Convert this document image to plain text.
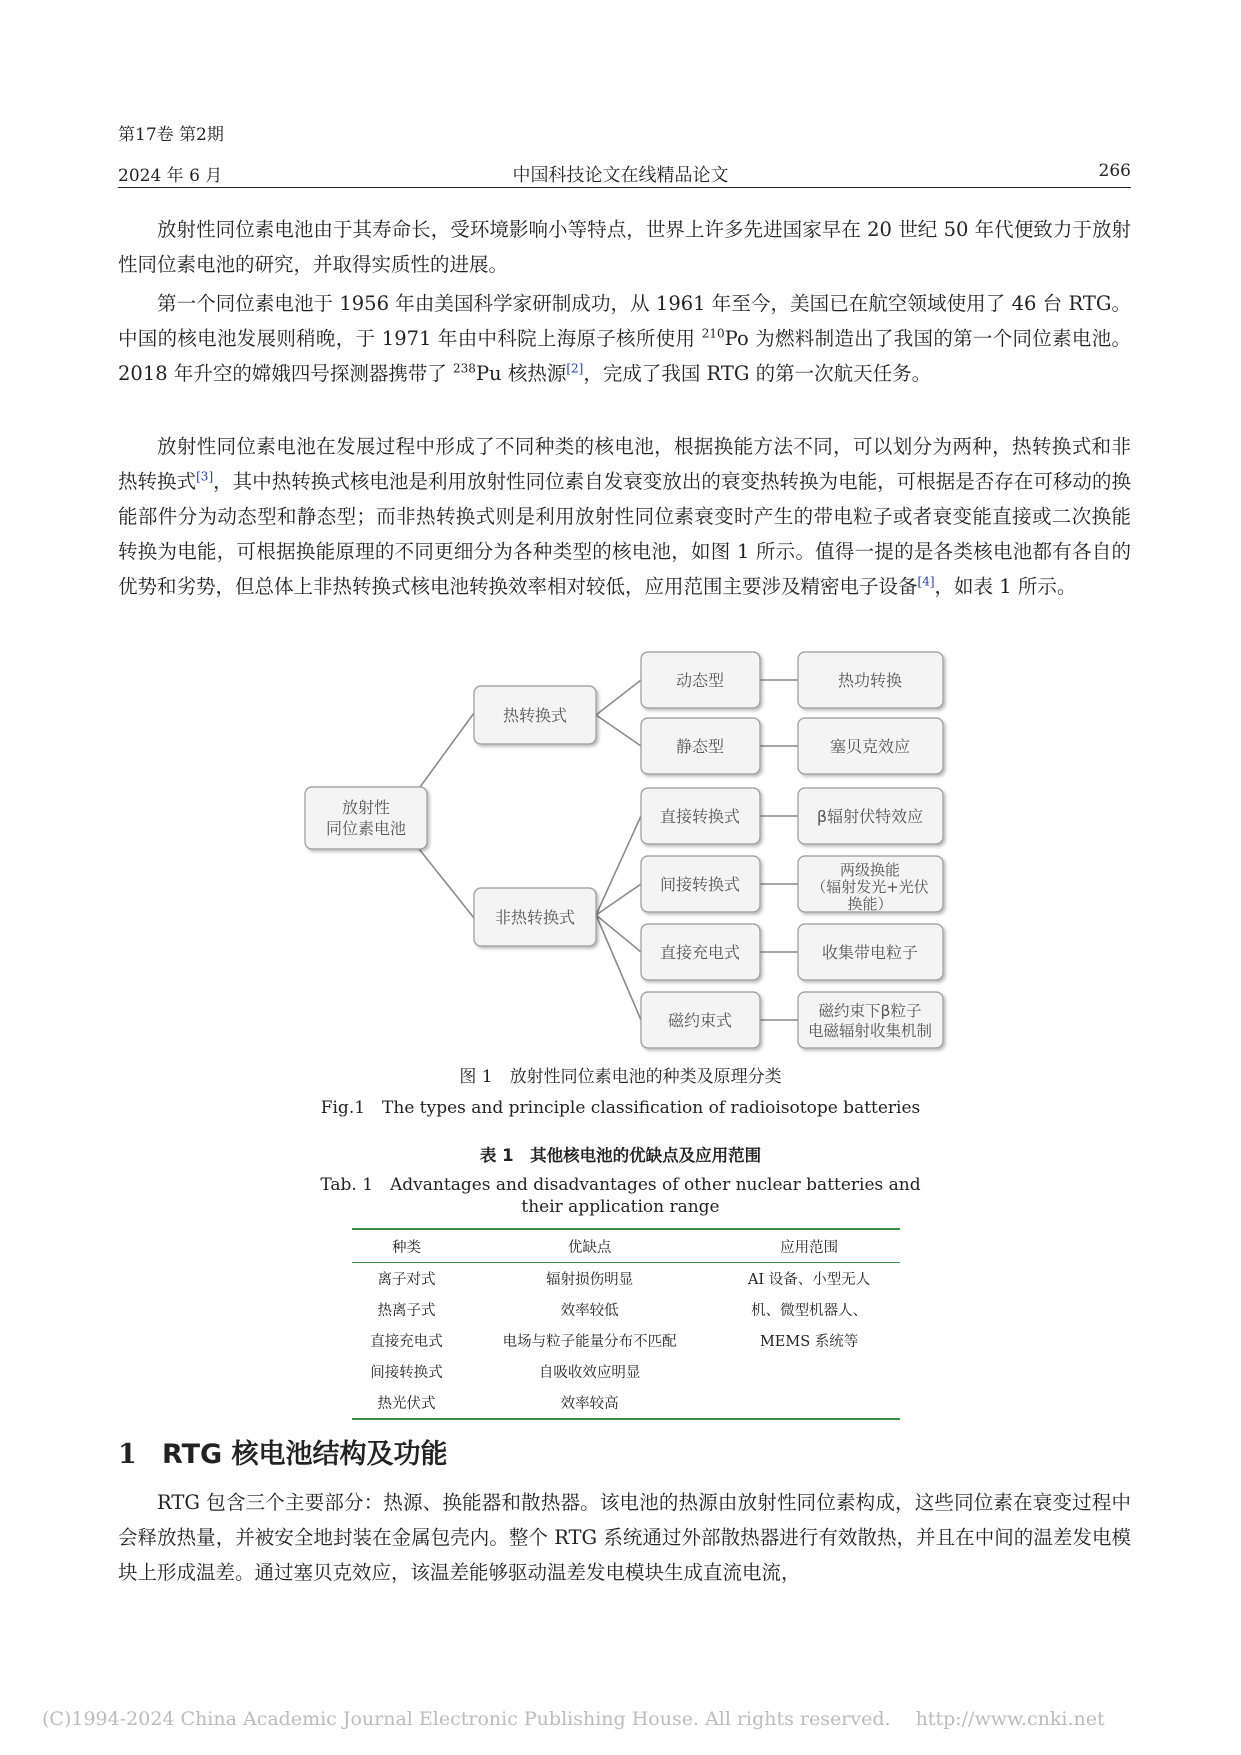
第17卷 第2期
2024 年 6 月	中国科技论文在线精品论文	266

放射性同位素电池由于其寿命长，受环境影响小等特点，世界上许多先进国家早在 20 世纪 50 年代便致力于放射性同位素电池的研究，并取得实质性的进展。

第一个同位素电池于 1956 年由美国科学家研制成功，从 1961 年至今，美国已在航空领域使用了 46 台 RTG。中国的核电池发展则稍晚，于 1971 年由中科院上海原子核所使用 $^{210}$Po 为燃料制造出了我国的第一个同位素电池。2018 年升空的嫦娥四号探测器携带了 $^{238}$Pu 核热源[2]，完成了我国 RTG 的第一次航天任务。

放射性同位素电池在发展过程中形成了不同种类的核电池，根据换能方法不同，可以划分为两种，热转换式和非热转换式[3]，其中热转换式核电池是利用放射性同位素自发衰变放出的衰变热转换为电能，可根据是否存在可移动的换能部件分为动态型和静态型；而非热转换式则是利用放射性同位素衰变时产生的带电粒子或者衰变能直接或二次换能转换为电能，可根据换能原理的不同更细分为各种类型的核电池，如图 1 所示。值得一提的是各类核电池都有各自的优势和劣势，但总体上非热转换式核电池转换效率相对较低，应用范围主要涉及精密电子设备[4]，如表 1 所示。

放射性
同位素电池
热转换式
非热转换式
动态型
静态型
直接转换式
间接转换式
直接充电式
磁约束式
热功转换
塞贝克效应
β辐射伏特效应
两级换能
（辐射发光+光伏
换能）
收集带电粒子
磁约束下β粒子
电磁辐射收集机制
图 1　放射性同位素电池的种类及原理分类
Fig.1　The types and principle classification of radioisotope batteries
表 1　其他核电池的优缺点及应用范围
Tab. 1　Advantages and disadvantages of other nuclear batteries and
their application range
种类	优缺点	应用范围
离子对式	辐射损伤明显	AI 设备、小型无人
热离子式	效率较低	机、微型机器人、
直接充电式	电场与粒子能量分布不匹配	MEMS 系统等
间接转换式	自吸收效应明显	
热光伏式	效率较高	
1 RTG 核电池结构及功能

RTG 包含三个主要部分：热源、换能器和散热器。该电池的热源由放射性同位素构成，这些同位素在衰变过程中会释放热量，并被安全地封装在金属包壳内。整个 RTG 系统通过外部散热器进行有效散热，并且在中间的温差发电模块上形成温差。通过塞贝克效应，该温差能够驱动温差发电模块生成直流电流，

(C)1994-2024 China Academic Journal Electronic Publishing House. All rights reserved.　 http://www.cnki.net
